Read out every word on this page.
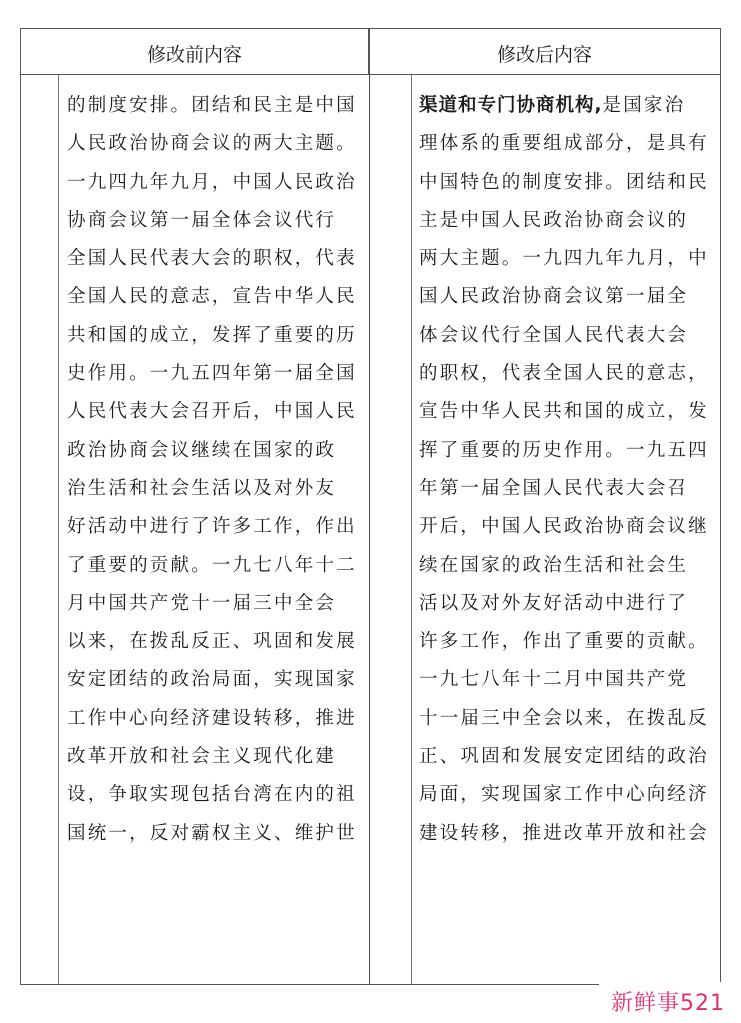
修改前内容	修改后内容
的制度安排。团结和民主是中国
人民政治协商会议的两大主题。
一九四九年九月，中国人民政治
协商会议第一届全体会议代行
全国人民代表大会的职权，代表
全国人民的意志，宣告中华人民
共和国的成立，发挥了重要的历
史作用。一九五四年第一届全国
人民代表大会召开后，中国人民
政治协商会议继续在国家的政
治生活和社会生活以及对外友
好活动中进行了许多工作，作出
了重要的贡献。一九七八年十二
月中国共产党十一届三中全会
以来，在拨乱反正、巩固和发展
安定团结的政治局面，实现国家
工作中心向经济建设转移，推进
改革开放和社会主义现代化建
设，争取实现包括台湾在内的祖
国统一，反对霸权主义、维护世
渠道和专门协商机构,是国家治
理体系的重要组成部分，是具有
中国特色的制度安排。团结和民
主是中国人民政治协商会议的
两大主题。一九四九年九月，中
国人民政治协商会议第一届全
体会议代行全国人民代表大会
的职权，代表全国人民的意志，
宣告中华人民共和国的成立，发
挥了重要的历史作用。一九五四
年第一届全国人民代表大会召
开后，中国人民政治协商会议继
续在国家的政治生活和社会生
活以及对外友好活动中进行了
许多工作，作出了重要的贡献。
一九七八年十二月中国共产党
十一届三中全会以来，在拨乱反
正、巩固和发展安定团结的政治
局面，实现国家工作中心向经济
建设转移，推进改革开放和社会
新鲜事521
